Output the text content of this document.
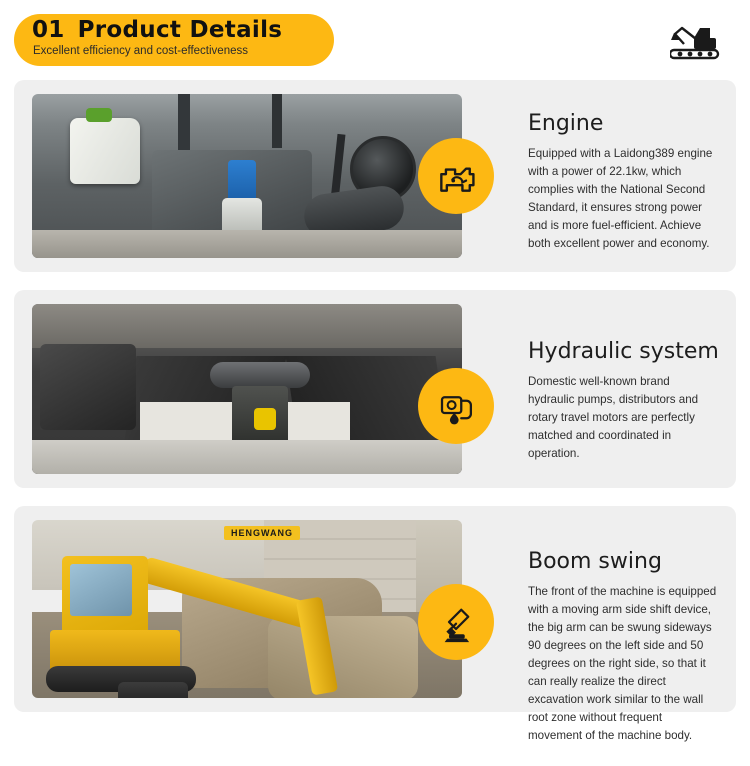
01 Product Details
Excellent efficiency and cost-effectiveness
Engine

Equipped with a Laidong389 engine with a power of 22.1kw, which complies with the National Second Standard, it ensures strong power and is more fuel-efficient. Achieve both excellent power and economy.

Hydraulic system

Domestic well-known brand hydraulic pumps, distributors and rotary travel motors are perfectly matched and coordinated in operation.

HENGWANG
Boom swing

The front of the machine is equipped with a moving arm side shift device, the big arm can be swung sideways 90 degrees on the left side and 50 degrees on the right side, so that it can really realize the direct excavation work similar to the wall root zone without frequent movement of the machine body.
